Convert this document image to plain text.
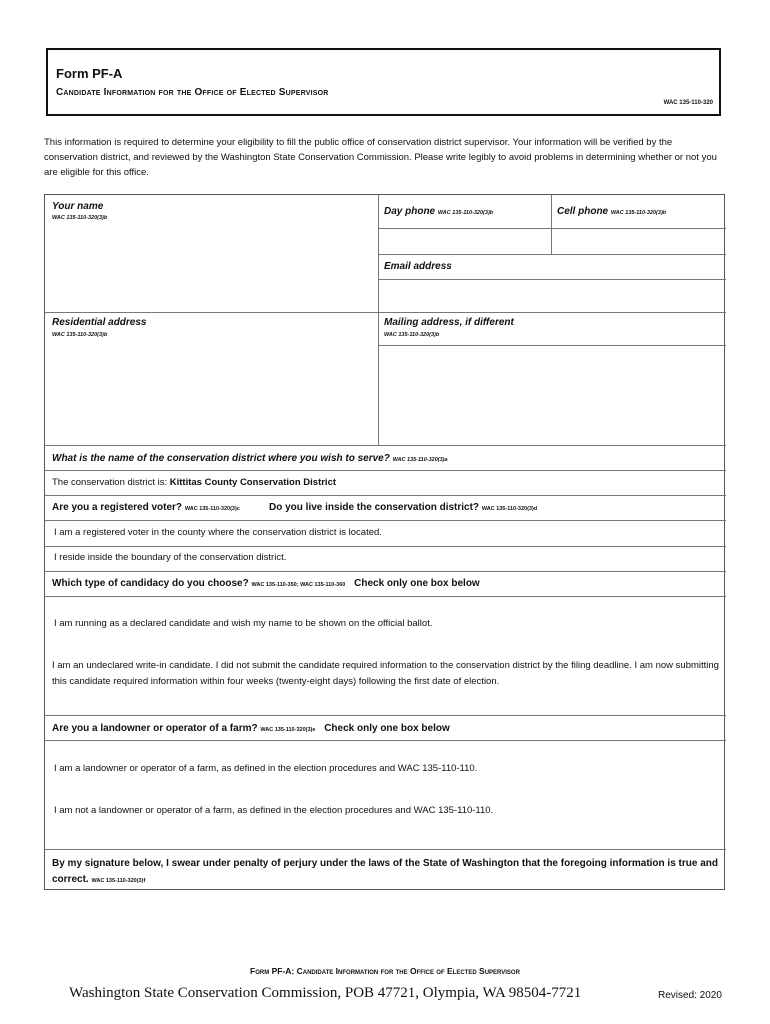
Form PF-A
Candidate Information for the Office of Elected Supervisor
WAC 135-110-320
This information is required to determine your eligibility to fill the public office of conservation district supervisor. Your information will be verified by the conservation district, and reviewed by the Washington State Conservation Commission. Please write legibly to avoid problems in determining whether or not you are eligible for this office.
Your name
WAC 135-110-320(3)b
Day phone WAC 135-110-320(3)b	Cell phone WAC 135-110-320(3)b
Email address
Residential address
WAC 135-110-320(3)b
Mailing address, if different
WAC 135-110-320(3)b
What is the name of the conservation district where you wish to serve? WAC 135-110-320(3)a
The conservation district is: Kittitas County Conservation District
Are you a registered voter? WAC 135-110-320(3)c	Do you live inside the conservation district? WAC 135-110-320(3)d
I am a registered voter in the county where the conservation district is located.
I reside inside the boundary of the conservation district.
Which type of candidacy do you choose? WAC 135-110-350; WAC 135-110-360 Check only one box below
I am running as a declared candidate and wish my name to be shown on the official ballot.
I am an undeclared write-in candidate. I did not submit the candidate required information to the conservation district by the filing deadline. I am now submitting this candidate required information within four weeks (twenty-eight days) following the first date of election.
Are you a landowner or operator of a farm? WAC 135-110-320(3)e Check only one box below
I am a landowner or operator of a farm, as defined in the election procedures and WAC 135-110-110.
I am not a landowner or operator of a farm, as defined in the election procedures and WAC 135-110-110.
By my signature below, I swear under penalty of perjury under the laws of the State of Washington that the foregoing information is true and correct. WAC 135-110-320(3)f
Form PF-A: Candidate Information for the Office of Elected Supervisor
Washington State Conservation Commission, POB 47721, Olympia, WA 98504-7721	Revised: 2020
